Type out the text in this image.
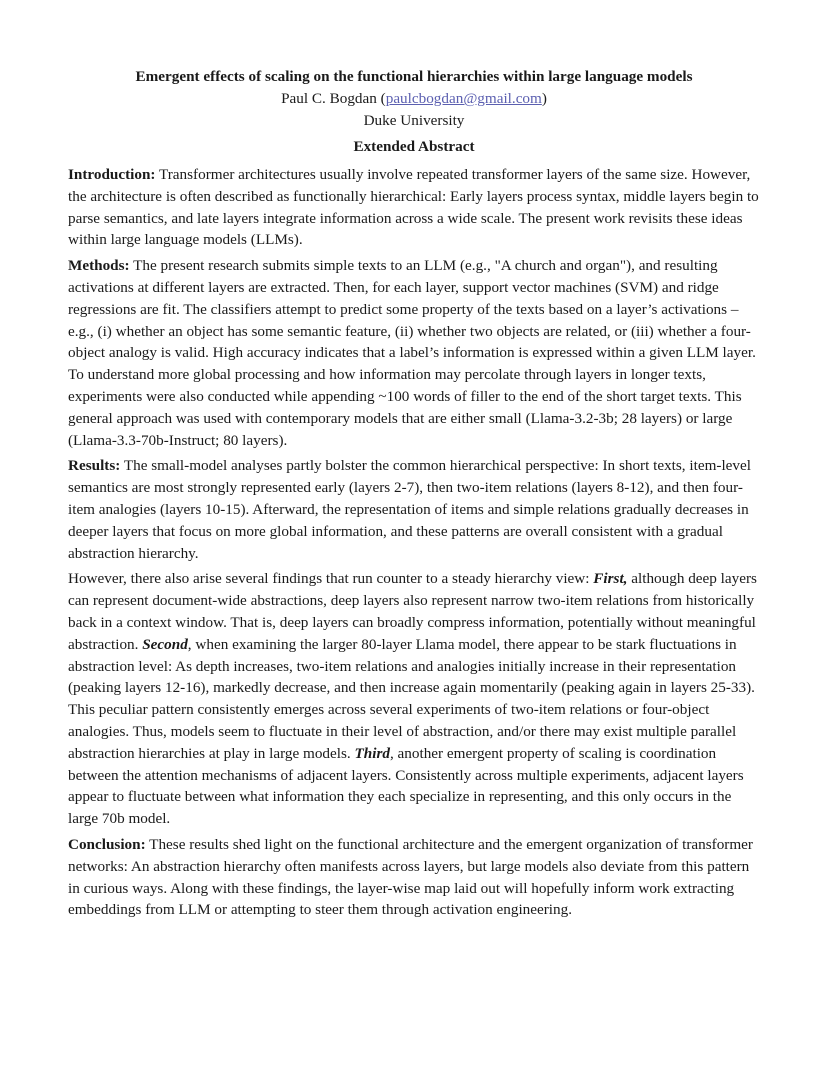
Emergent effects of scaling on the functional hierarchies within large language models
Paul C. Bogdan (paulcbogdan@gmail.com)
Duke University
Extended Abstract

Introduction: Transformer architectures usually involve repeated transformer layers of the same size. However, the architecture is often described as functionally hierarchical: Early layers process syntax, middle layers begin to parse semantics, and late layers integrate information across a wide scale. The present work revisits these ideas within large language models (LLMs).

Methods: The present research submits simple texts to an LLM (e.g., "A church and organ"), and resulting activations at different layers are extracted. Then, for each layer, support vector machines (SVM) and ridge regressions are fit. The classifiers attempt to predict some property of the texts based on a layer’s activations – e.g., (i) whether an object has some semantic feature, (ii) whether two objects are related, or (iii) whether a four-object analogy is valid. High accuracy indicates that a label’s information is expressed within a given LLM layer. To understand more global processing and how information may percolate through layers in longer texts, experiments were also conducted while appending ~100 words of filler to the end of the short target texts. This general approach was used with contemporary models that are either small (Llama-3.2-3b; 28 layers) or large (Llama-3.3-70b-Instruct; 80 layers).

Results: The small-model analyses partly bolster the common hierarchical perspective: In short texts, item-level semantics are most strongly represented early (layers 2-7), then two-item relations (layers 8-12), and then four-item analogies (layers 10-15). Afterward, the representation of items and simple relations gradually decreases in deeper layers that focus on more global information, and these patterns are overall consistent with a gradual abstraction hierarchy.

However, there also arise several findings that run counter to a steady hierarchy view: First, although deep layers can represent document-wide abstractions, deep layers also represent narrow two-item relations from historically back in a context window. That is, deep layers can broadly compress information, potentially without meaningful abstraction. Second, when examining the larger 80-layer Llama model, there appear to be stark fluctuations in abstraction level: As depth increases, two-item relations and analogies initially increase in their representation (peaking layers 12-16), markedly decrease, and then increase again momentarily (peaking again in layers 25-33). This peculiar pattern consistently emerges across several experiments of two-item relations or four-object analogies. Thus, models seem to fluctuate in their level of abstraction, and/or there may exist multiple parallel abstraction hierarchies at play in large models. Third, another emergent property of scaling is coordination between the attention mechanisms of adjacent layers. Consistently across multiple experiments, adjacent layers appear to fluctuate between what information they each specialize in representing, and this only occurs in the large 70b model.

Conclusion: These results shed light on the functional architecture and the emergent organization of transformer networks: An abstraction hierarchy often manifests across layers, but large models also deviate from this pattern in curious ways. Along with these findings, the layer-wise map laid out will hopefully inform work extracting embeddings from LLM or attempting to steer them through activation engineering.
